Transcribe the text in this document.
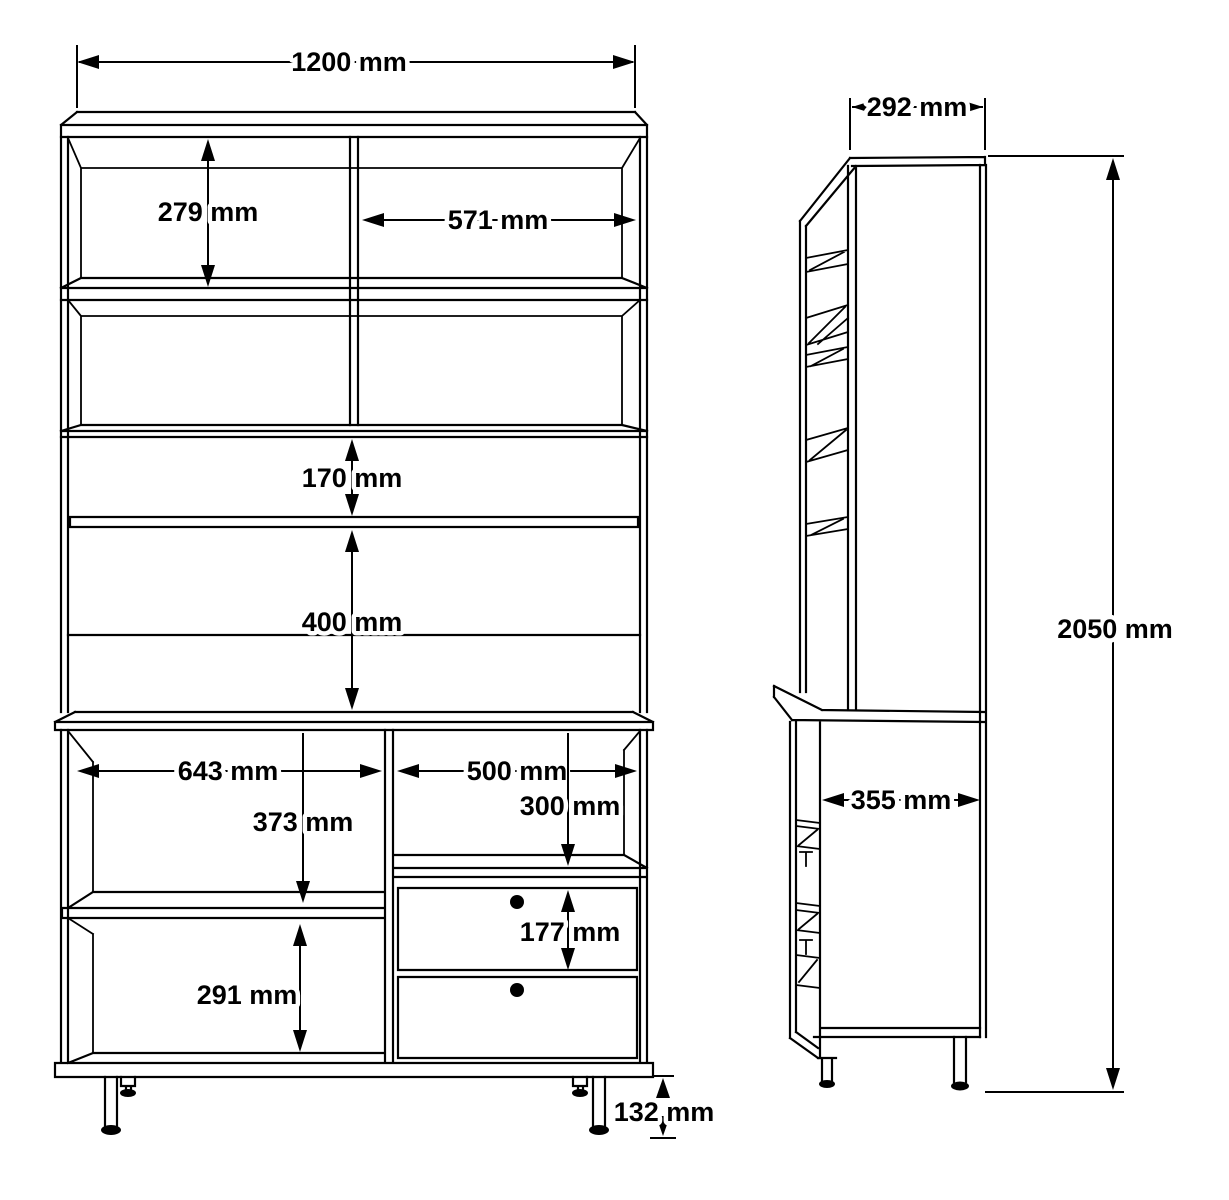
1200 mm
279 mm	571 mm
170 mm
400 mm
643 mm	500 mm
300 mm
373 mm
177 mm
291 mm
132 mm
292 mm
2050 mm
355 mm
